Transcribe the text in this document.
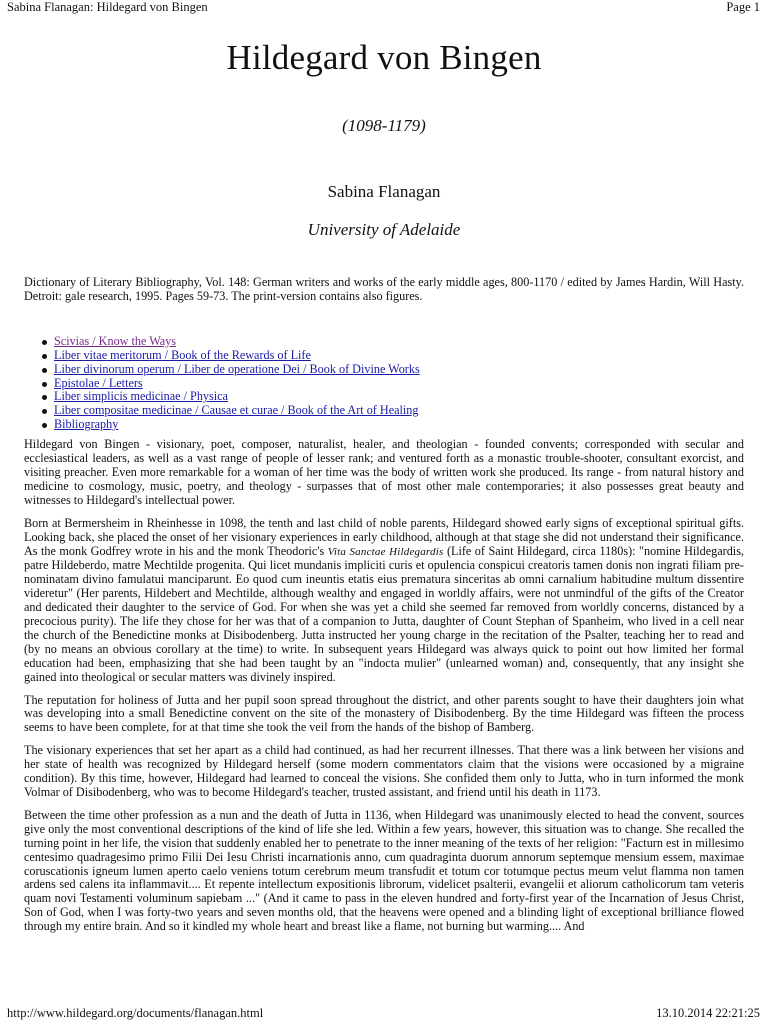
Sabina Flanagan: Hildegard von Bingen	Page 1
Hildegard von Bingen
(1098-1179)
Sabina Flanagan
University of Adelaide

Dictionary of Literary Bibliography, Vol. 148: German writers and works of the early middle ages, 800-1170 / edited by James Hardin, Will Hasty. Detroit: gale research, 1995. Pages 59-73. The print-version contains also figures.

Scivias / Know the Ways
Liber vitae meritorum / Book of the Rewards of Life
Liber divinorum operum / Liber de operatione Dei / Book of Divine Works
Epistolae / Letters
Liber simplicis medicinae / Physica
Liber compositae medicinae / Causae et curae / Book of the Art of Healing
Bibliography

Hildegard von Bingen - visionary, poet, composer, naturalist, healer, and theologian - founded convents; corresponded with secular and ecclesiastical leaders, as well as a vast range of people of lesser rank; and ventured forth as a monastic trouble-shooter, consultant exorcist, and visiting preacher. Even more remarkable for a woman of her time was the body of written work she produced. Its range - from natural history and medicine to cosmology, music, poetry, and theology - surpasses that of most other male contemporaries; it also possesses great beauty and witnesses to Hildegard's intellectual power.

Born at Bermersheim in Rheinhesse in 1098, the tenth and last child of noble parents, Hildegard showed early signs of exceptional spiritual gifts. Looking back, she placed the onset of her visionary experiences in early childhood, although at that stage she did not understand their significance. As the monk Godfrey wrote in his and the monk Theodoric's Vita Sanctae Hildegardis (Life of Saint Hildegard, circa 1180s): "nomine Hildegardis, patre Hildeberdo, matre Mechtilde progenita. Qui licet mundanis impliciti curis et opulencia conspicui creatoris tamen donis non ingrati filiam pre-nominatam divino famulatui manciparunt. Eo quod cum ineuntis etatis eius prematura sinceritas ab omni carnalium habitudine multum dissentire videretur" (Her parents, Hildebert and Mechtilde, although wealthy and engaged in worldly affairs, were not unmindful of the gifts of the Creator and dedicated their daughter to the service of God. For when she was yet a child she seemed far removed from worldly concerns, distanced by a precocious purity). The life they chose for her was that of a companion to Jutta, daughter of Count Stephan of Spanheim, who lived in a cell near the church of the Benedictine monks at Disibodenberg. Jutta instructed her young charge in the recitation of the Psalter, teaching her to read and (by no means an obvious corollary at the time) to write. In subsequent years Hildegard was always quick to point out how limited her formal education had been, emphasizing that she had been taught by an "indocta mulier" (unlearned woman) and, consequently, that any insight she gained into theological or secular matters was divinely inspired.

The reputation for holiness of Jutta and her pupil soon spread throughout the district, and other parents sought to have their daughters join what was developing into a small Benedictine convent on the site of the monastery of Disibodenberg. By the time Hildegard was fifteen the process seems to have been complete, for at that time she took the veil from the hands of the bishop of Bamberg.

The visionary experiences that set her apart as a child had continued, as had her recurrent illnesses. That there was a link between her visions and her state of health was recognized by Hildegard herself (some modern commentators claim that the visions were occasioned by a migraine condition). By this time, however, Hildegard had learned to conceal the visions. She confided them only to Jutta, who in turn informed the monk Volmar of Disibodenberg, who was to become Hildegard's teacher, trusted assistant, and friend until his death in 1173.

Between the time other profession as a nun and the death of Jutta in 1136, when Hildegard was unanimously elected to head the convent, sources give only the most conventional descriptions of the kind of life she led. Within a few years, however, this situation was to change. She recalled the turning point in her life, the vision that suddenly enabled her to penetrate to the inner meaning of the texts of her religion: "Facturn est in millesimo centesimo quadragesimo primo Filii Dei Iesu Christi incarnationis anno, cum quadraginta duorum annorum septemque mensium essem, maximae coruscationis igneum lumen aperto caelo veniens totum cerebrum meum transfudit et totum cor totumque pectus meum velut flamma non tamen ardens sed calens ita inflammavit.... Et repente intellectum expositionis librorum, videlicet psalterii, evangelii et aliorum catholicorum tam veteris quam novi Testamenti voluminum sapiebam ..." (And it came to pass in the eleven hundred and forty-first year of the Incarnation of Jesus Christ, Son of God, when I was forty-two years and seven months old, that the heavens were opened and a blinding light of exceptional brilliance flowed through my entire brain. And so it kindled my whole heart and breast like a flame, not burning but warming.... And

http://www.hildegard.org/documents/flanagan.html	13.10.2014 22:21:25
